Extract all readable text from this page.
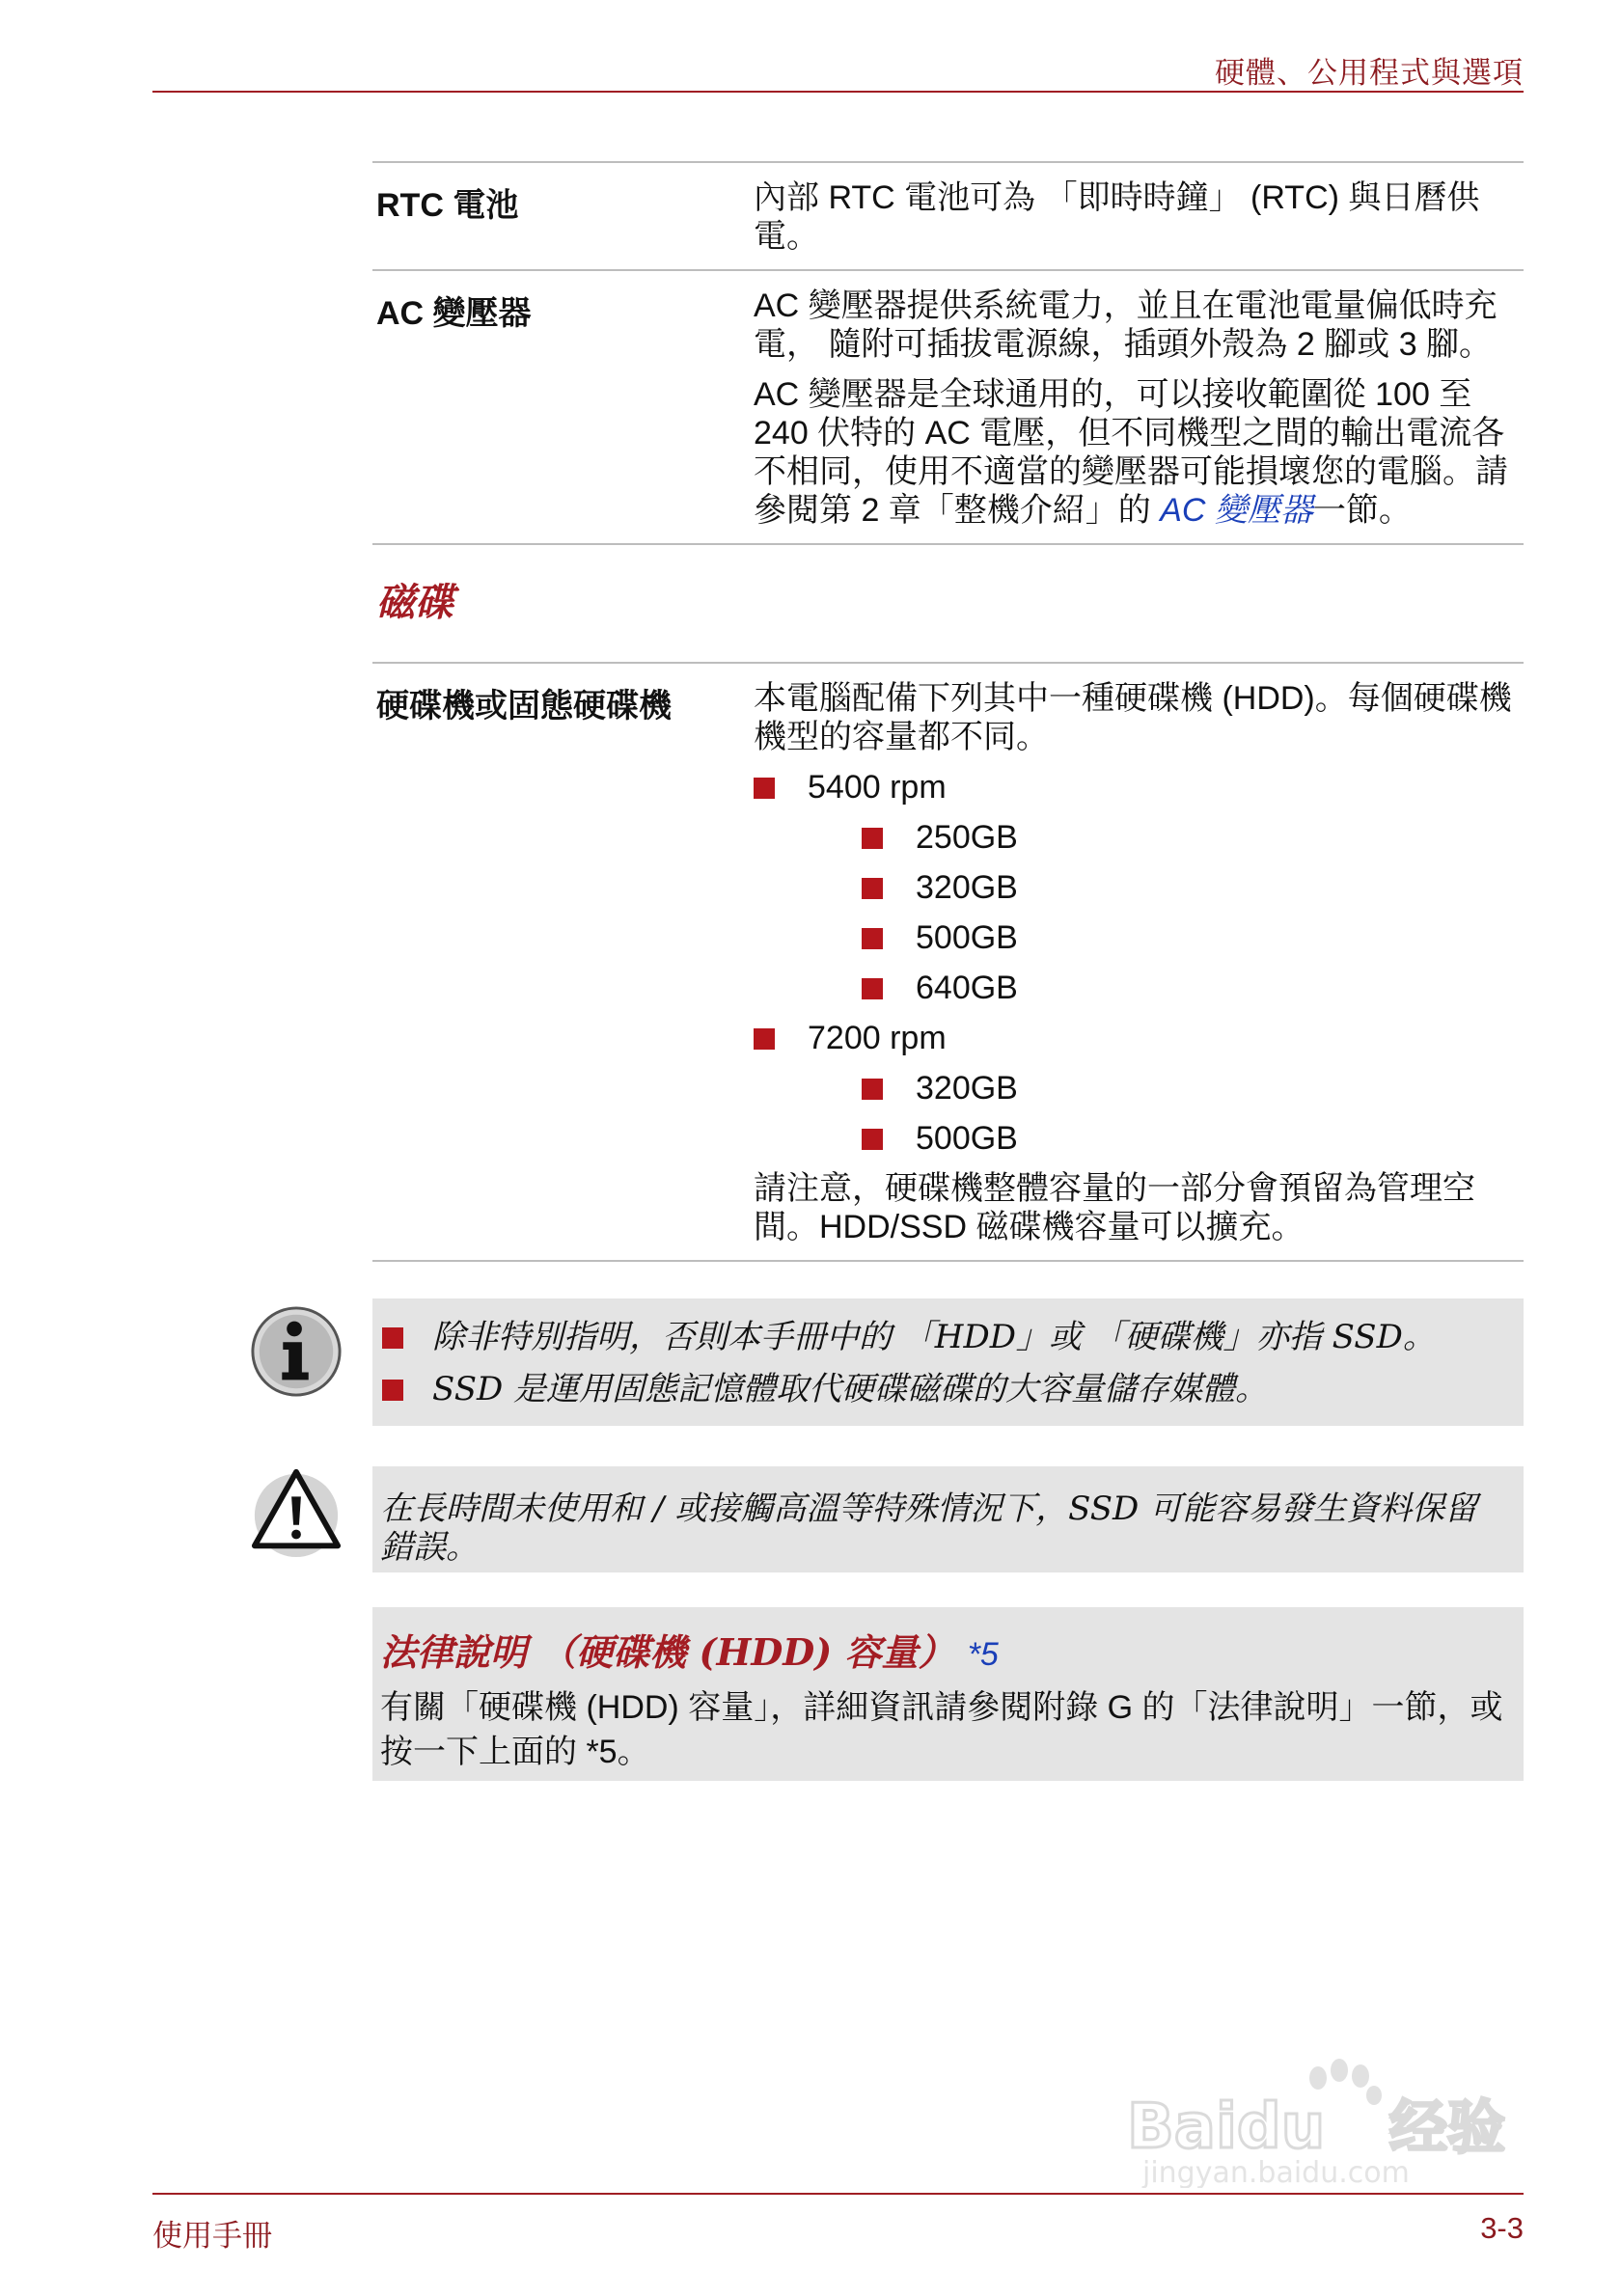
硬體、公用程式與選項
RTC 電池	內部 RTC 電池可為 「即時時鐘」 (RTC) 與日曆供電。

AC 變壓器	AC 變壓器提供系統電力，並且在電池電量偏低時充電， 隨附可插拔電源線，插頭外殼為 2 腳或 3 腳。

AC 變壓器是全球通用的，可以接收範圍從 100 至 240 伏特的 AC 電壓，但不同機型之間的輸出電流各不相同，使用不適當的變壓器可能損壞您的電腦。請參閱第 2 章「整機介紹」的 AC 變壓器一節。

磁碟
硬碟機或固態硬碟機	本電腦配備下列其中一種硬碟機 (HDD)。每個硬碟機機型的容量都不同。

5400 rpm
250GB
320GB
500GB
640GB
7200 rpm
320GB
500GB

請注意，硬碟機整體容量的一部分會預留為管理空間。HDD/SSD 磁碟機容量可以擴充。

除非特別指明，否則本手冊中的 「HDD」或 「硬碟機」亦指 SSD。
SSD 是運用固態記憶體取代硬碟磁碟的大容量儲存媒體。

在長時間未使用和 / 或接觸高溫等特殊情況下，SSD 可能容易發生資料保留錯誤。

法律說明 （硬碟機 (HDD) 容量） *5

有關「硬碟機 (HDD) 容量」，詳細資訊請參閱附錄 G 的「法律說明」一節，或按一下上面的 *5。

Baidu 经验
jingyan.baidu.com
使用手冊	3-3
